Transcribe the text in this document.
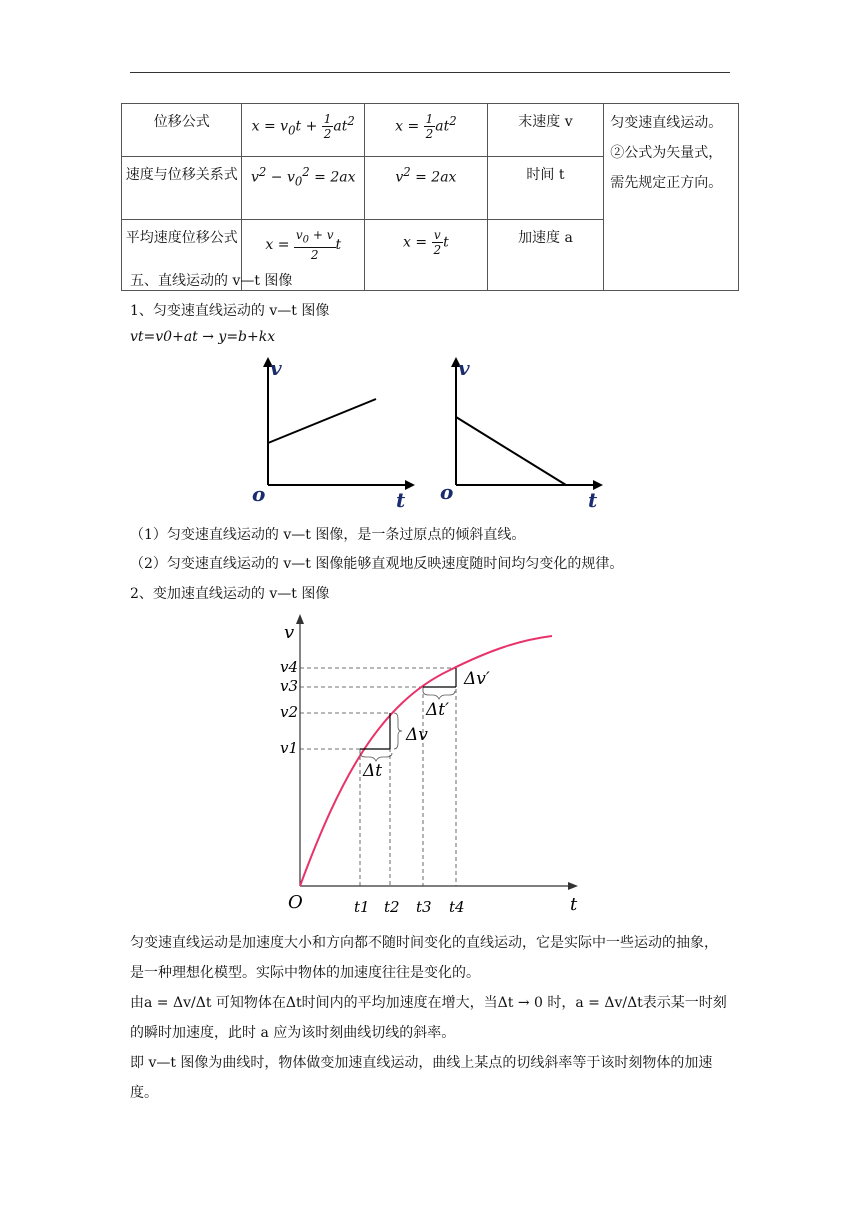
位移公式	$x = v_0t + \frac{1}{2} at^2$	$x = \frac{1}{2} at^2$	末速度 v	匀变速直线运动。
②公式为矢量式，需先规定正方向。
速度与位移关系式	$v^2 - v_0^2 = 2ax$	$v^2 = 2ax$	时间 t	
平均速度位移公式	$x = \frac{v_0 + v}{2}$ t	$x = \frac{v}{2}$ t	加速度 a	
五、直线运动的 v—t 图像
1、匀变速直线运动的 v—t 图像
vt=v0+at → y=b+kx
v
o	t
v
o	t
（1）匀变速直线运动的 v—t 图像，是一条过原点的倾斜直线。
（2）匀变速直线运动的 v—t 图像能够直观地反映速度随时间均匀变化的规律。
2、变加速直线运动的 v—t 图像
Δv
Δt
Δv′
Δt′
v4
v3
v2
v1
t1 t2 t3 t4
v
O	t
匀变速直线运动是加速度大小和方向都不随时间变化的直线运动，它是实际中一些运动的抽象，是一种理想化模型。实际中物体的加速度往往是变化的。
由a = Δv/Δt 可知物体在Δt时间内的平均加速度在增大，当Δt → 0 时，a = Δv/Δt表示某一时刻的瞬时加速度，此时 a 应为该时刻曲线切线的斜率。
即 v—t 图像为曲线时，物体做变加速直线运动，曲线上某点的切线斜率等于该时刻物体的加速度。
